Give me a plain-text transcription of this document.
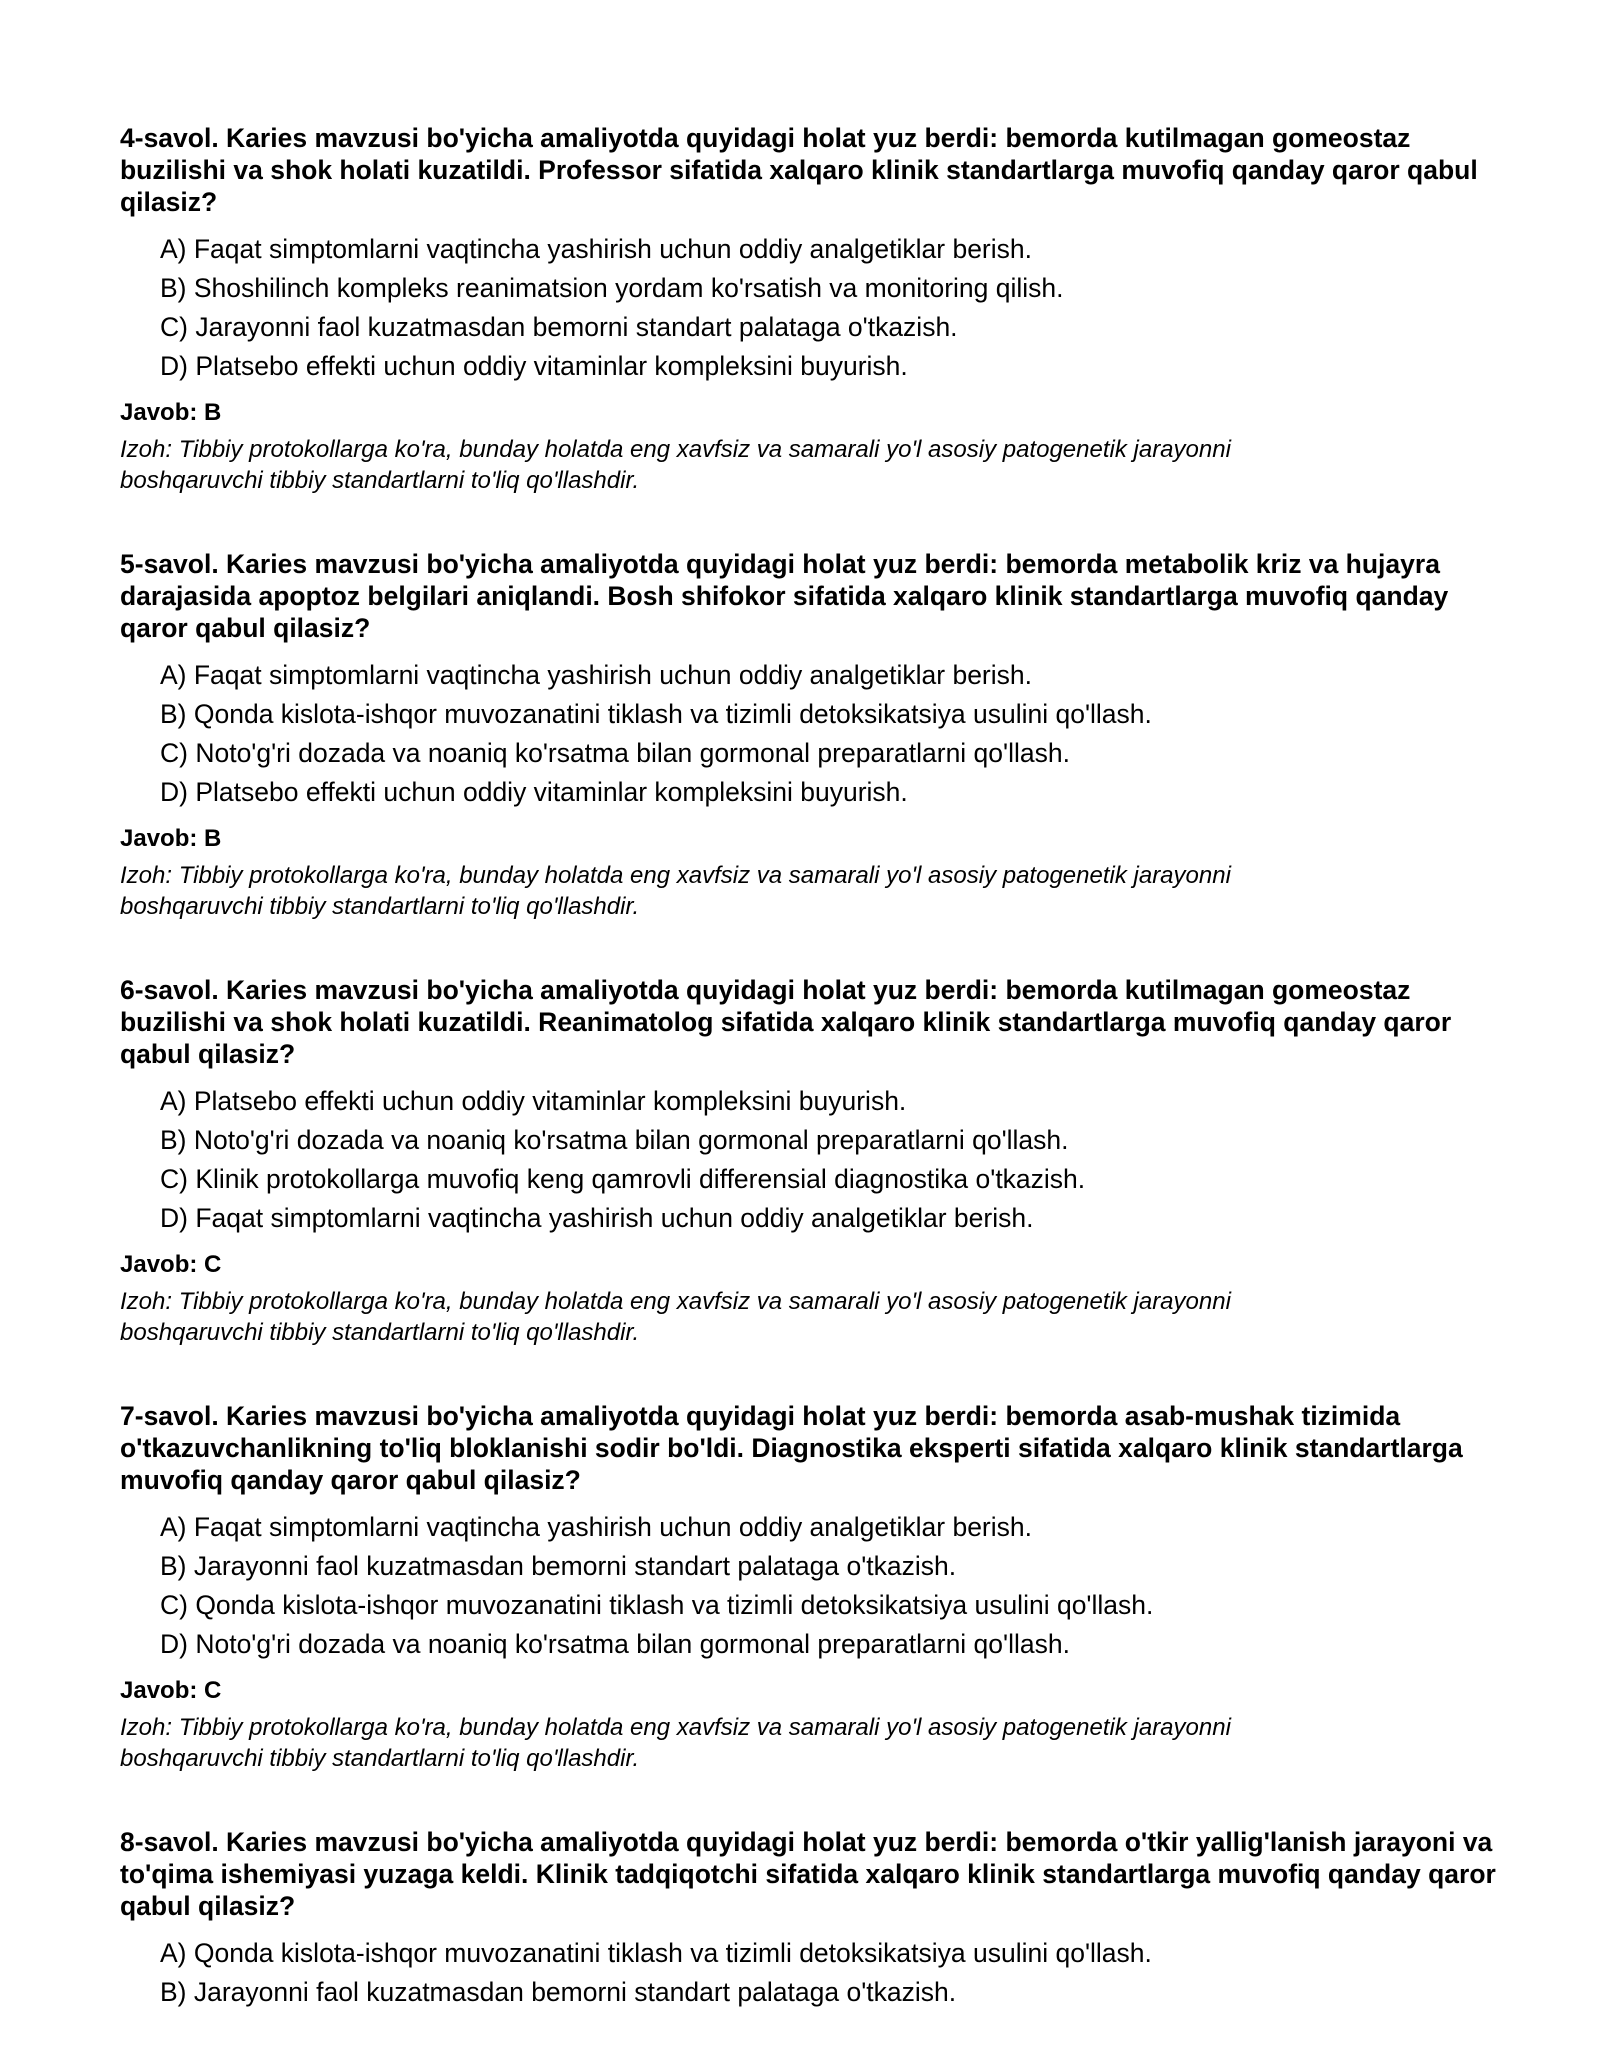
4-savol. Karies mavzusi bo'yicha amaliyotda quyidagi holat yuz berdi: bemorda kutilmagan gomeostaz buzilishi va shok holati kuzatildi. Professor sifatida xalqaro klinik standartlarga muvofiq qanday qaror qabul qilasiz?

A) Faqat simptomlarni vaqtincha yashirish uchun oddiy analgetiklar berish.
B) Shoshilinch kompleks reanimatsion yordam ko'rsatish va monitoring qilish.
C) Jarayonni faol kuzatmasdan bemorni standart palataga o'tkazish.
D) Platsebo effekti uchun oddiy vitaminlar kompleksini buyurish.

Javob: B

Izoh: Tibbiy protokollarga ko'ra, bunday holatda eng xavfsiz va samarali yo'l asosiy patogenetik jarayonni boshqaruvchi tibbiy standartlarni to'liq qo'llashdir.

5-savol. Karies mavzusi bo'yicha amaliyotda quyidagi holat yuz berdi: bemorda metabolik kriz va hujayra darajasida apoptoz belgilari aniqlandi. Bosh shifokor sifatida xalqaro klinik standartlarga muvofiq qanday qaror qabul qilasiz?

A) Faqat simptomlarni vaqtincha yashirish uchun oddiy analgetiklar berish.
B) Qonda kislota-ishqor muvozanatini tiklash va tizimli detoksikatsiya usulini qo'llash.
C) Noto'g'ri dozada va noaniq ko'rsatma bilan gormonal preparatlarni qo'llash.
D) Platsebo effekti uchun oddiy vitaminlar kompleksini buyurish.

Javob: B

Izoh: Tibbiy protokollarga ko'ra, bunday holatda eng xavfsiz va samarali yo'l asosiy patogenetik jarayonni boshqaruvchi tibbiy standartlarni to'liq qo'llashdir.

6-savol. Karies mavzusi bo'yicha amaliyotda quyidagi holat yuz berdi: bemorda kutilmagan gomeostaz buzilishi va shok holati kuzatildi. Reanimatolog sifatida xalqaro klinik standartlarga muvofiq qanday qaror qabul qilasiz?

A) Platsebo effekti uchun oddiy vitaminlar kompleksini buyurish.
B) Noto'g'ri dozada va noaniq ko'rsatma bilan gormonal preparatlarni qo'llash.
C) Klinik protokollarga muvofiq keng qamrovli differensial diagnostika o'tkazish.
D) Faqat simptomlarni vaqtincha yashirish uchun oddiy analgetiklar berish.

Javob: C

Izoh: Tibbiy protokollarga ko'ra, bunday holatda eng xavfsiz va samarali yo'l asosiy patogenetik jarayonni boshqaruvchi tibbiy standartlarni to'liq qo'llashdir.

7-savol. Karies mavzusi bo'yicha amaliyotda quyidagi holat yuz berdi: bemorda asab-mushak tizimida o'tkazuvchanlikning to'liq bloklanishi sodir bo'ldi. Diagnostika eksperti sifatida xalqaro klinik standartlarga muvofiq qanday qaror qabul qilasiz?

A) Faqat simptomlarni vaqtincha yashirish uchun oddiy analgetiklar berish.
B) Jarayonni faol kuzatmasdan bemorni standart palataga o'tkazish.
C) Qonda kislota-ishqor muvozanatini tiklash va tizimli detoksikatsiya usulini qo'llash.
D) Noto'g'ri dozada va noaniq ko'rsatma bilan gormonal preparatlarni qo'llash.

Javob: C

Izoh: Tibbiy protokollarga ko'ra, bunday holatda eng xavfsiz va samarali yo'l asosiy patogenetik jarayonni boshqaruvchi tibbiy standartlarni to'liq qo'llashdir.

8-savol. Karies mavzusi bo'yicha amaliyotda quyidagi holat yuz berdi: bemorda o'tkir yallig'lanish jarayoni va to'qima ishemiyasi yuzaga keldi. Klinik tadqiqotchi sifatida xalqaro klinik standartlarga muvofiq qanday qaror qabul qilasiz?

A) Qonda kislota-ishqor muvozanatini tiklash va tizimli detoksikatsiya usulini qo'llash.
B) Jarayonni faol kuzatmasdan bemorni standart palataga o'tkazish.
